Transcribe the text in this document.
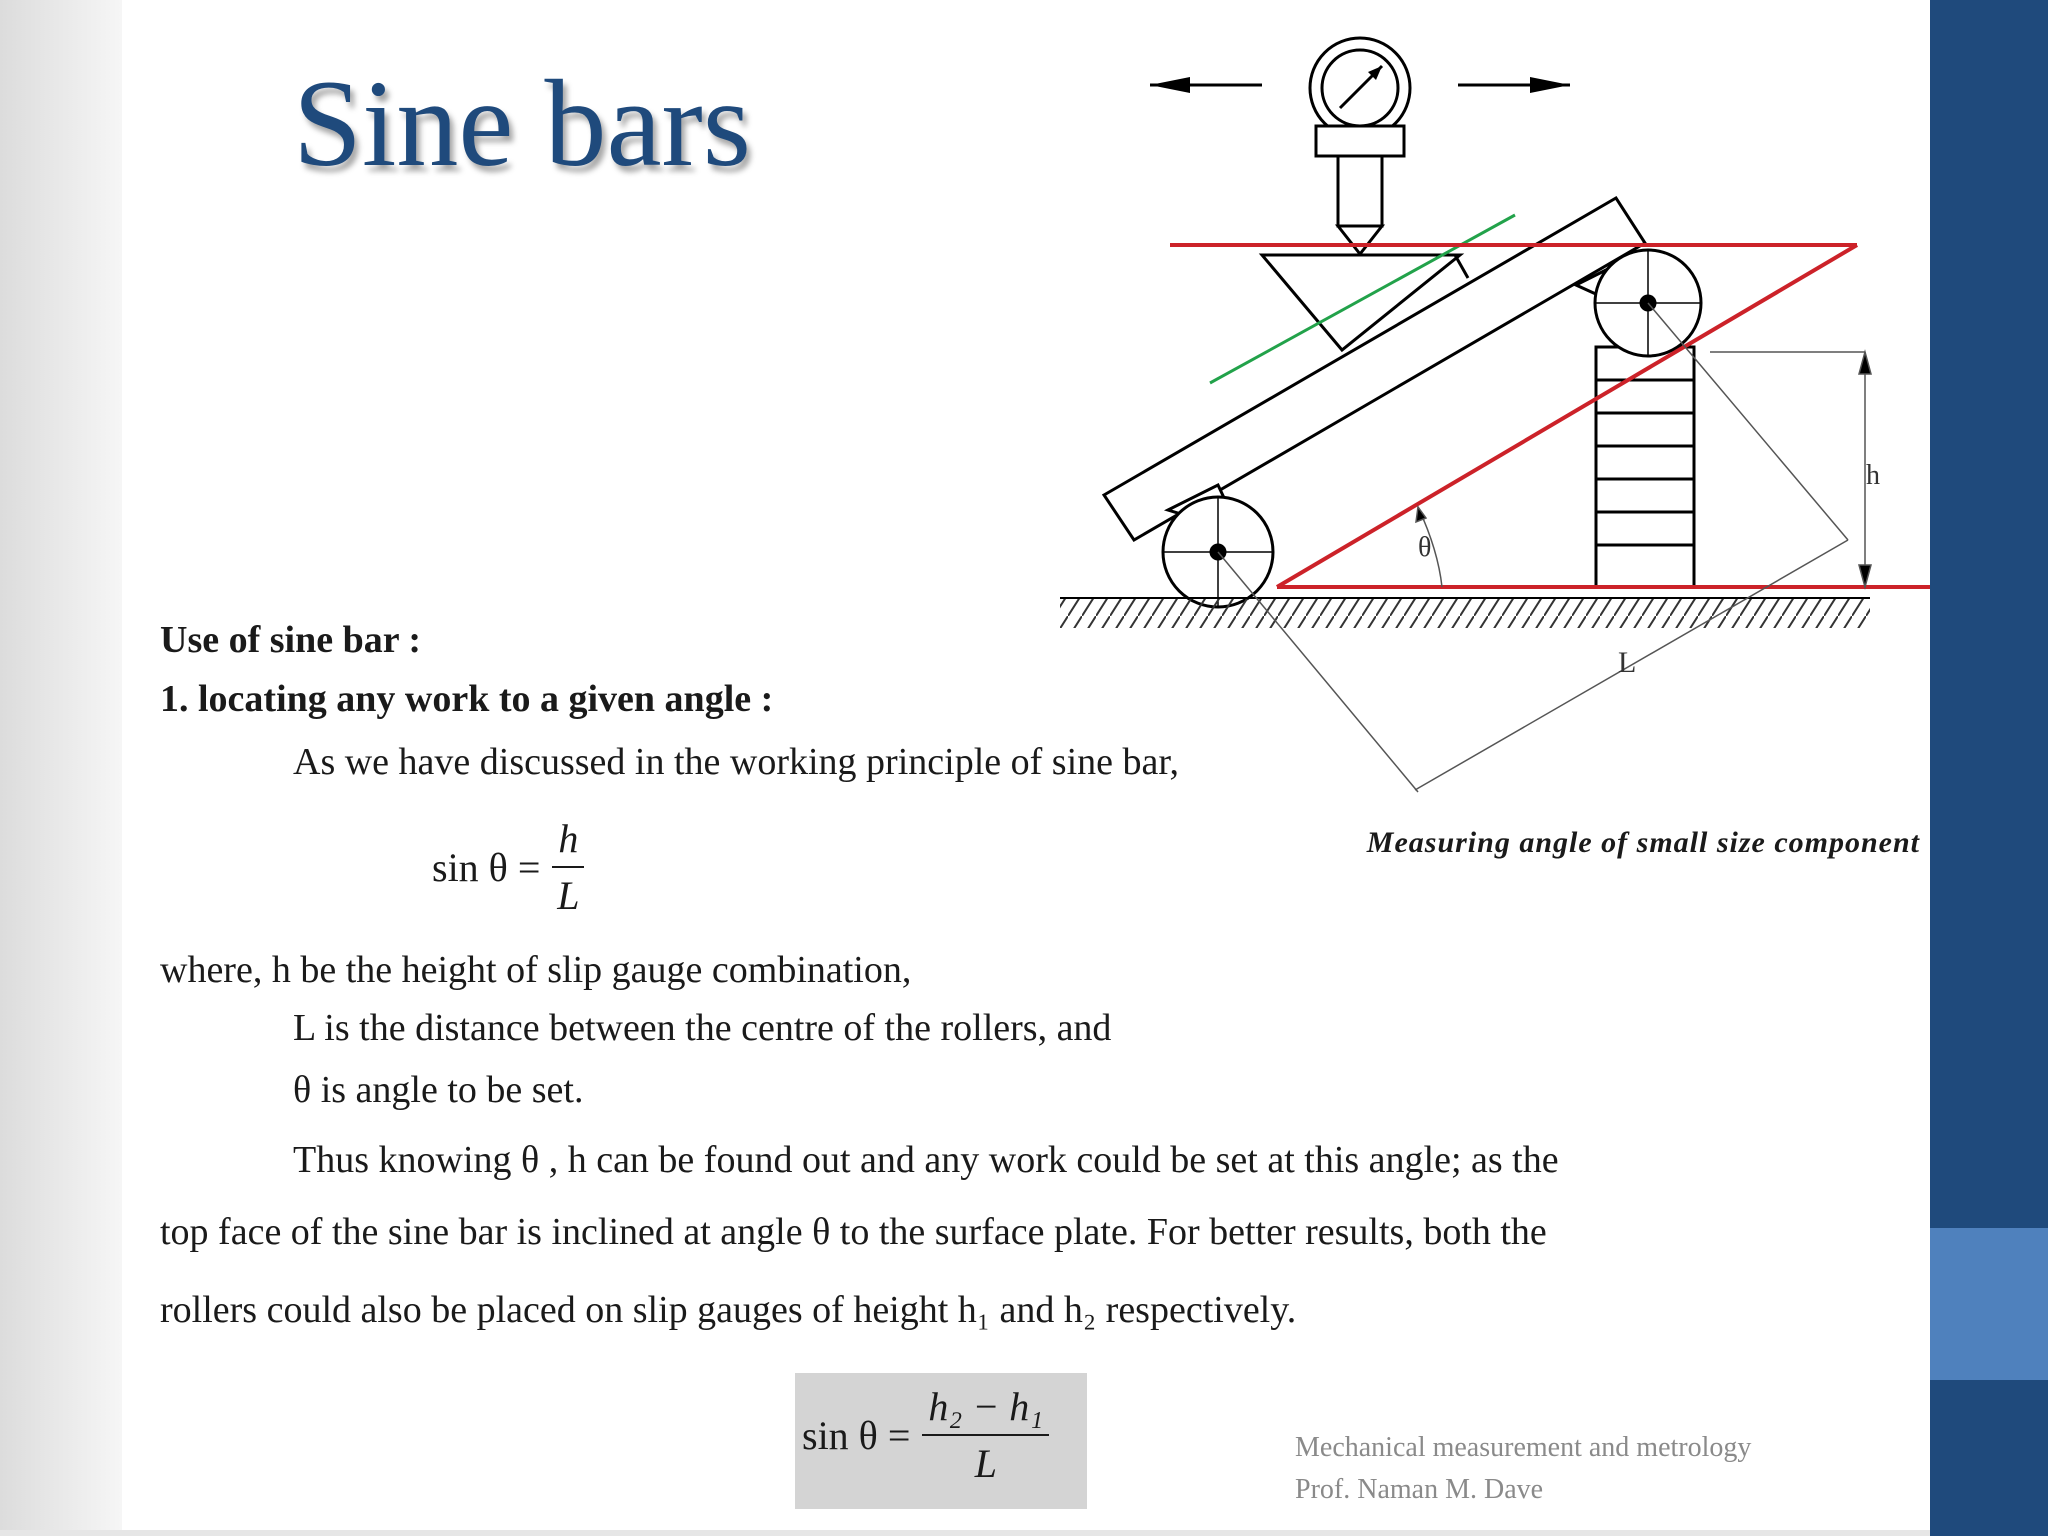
Sine bars
h
L
θ
Measuring angle of small size component
Use of sine bar :
1. locating any work to a given angle :
As we have discussed in the working principle of sine bar,
$\sin \theta = \frac{h}{L}$
where, h be the height of slip gauge combination,
L is the distance between the centre of the rollers, and
θ is angle to be set.
Thus knowing θ , h can be found out and any work could be set at this angle; as the
top face of the sine bar is inclined at angle θ to the surface plate. For better results, both the
rollers could also be placed on slip gauges of height h₁ and h₂ respectively.
$\sin \theta = \frac{\text{h₂ − h₁}}{L}$	Mechanical measurement and metrology
Prof. Naman M. Dave
